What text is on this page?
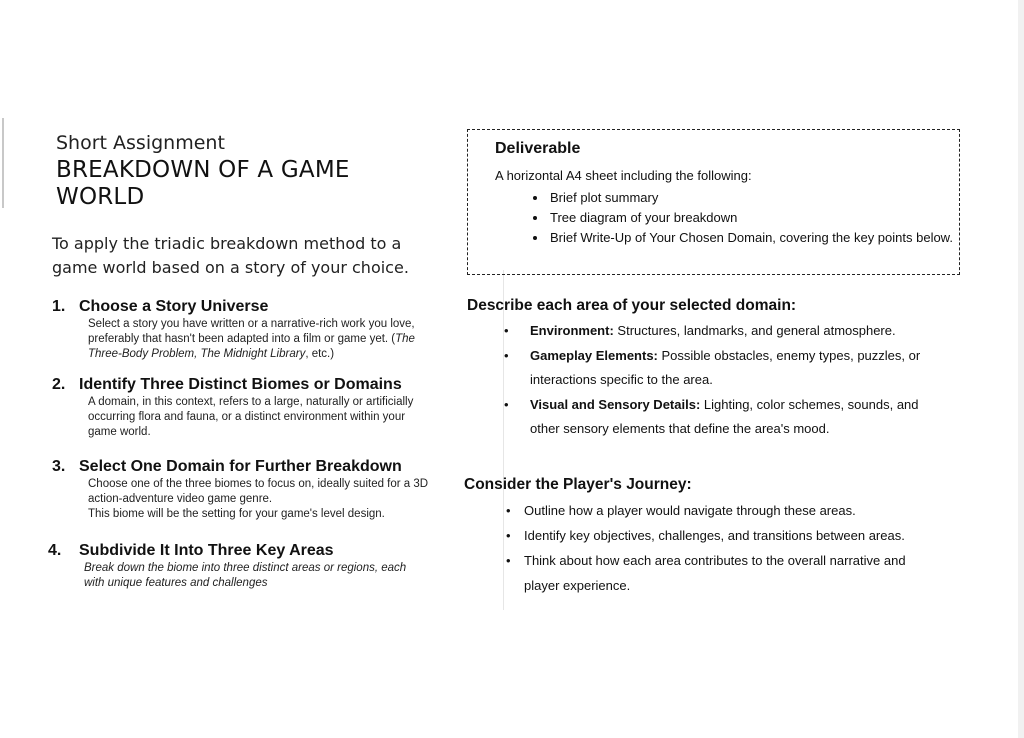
Short Assignment
BREAKDOWN OF A GAME WORLD
To apply the triadic breakdown method to a game world based on a story of your choice.
1. Choose a Story Universe
Select a story you have written or a narrative-rich work you love, preferably that hasn't been adapted into a film or game yet. (The Three-Body Problem, The Midnight Library, etc.)
2. Identify Three Distinct Biomes or Domains
A domain, in this context, refers to a large, naturally or artificially occurring flora and fauna, or a distinct environment within your game world.
3. Select One Domain for Further Breakdown
Choose one of the three biomes to focus on, ideally suited for a 3D action-adventure video game genre.
This biome will be the setting for your game's level design.
4.	Subdivide It Into Three Key Areas
Break down the biome into three distinct areas or regions, each with unique features and challenges
Deliverable
A horizontal A4 sheet including the following:
• Brief plot summary
• Tree diagram of your breakdown
• Brief Write-Up of Your Chosen Domain, covering the key points below.
Describe each area of your selected domain:
• Environment: Structures, landmarks, and general atmosphere.
• Gameplay Elements: Possible obstacles, enemy types, puzzles, or interactions specific to the area.
• Visual and Sensory Details: Lighting, color schemes, sounds, and other sensory elements that define the area's mood.
Consider the Player's Journey:
• Outline how a player would navigate through these areas.
• Identify key objectives, challenges, and transitions between areas.
• Think about how each area contributes to the overall narrative and player experience.
